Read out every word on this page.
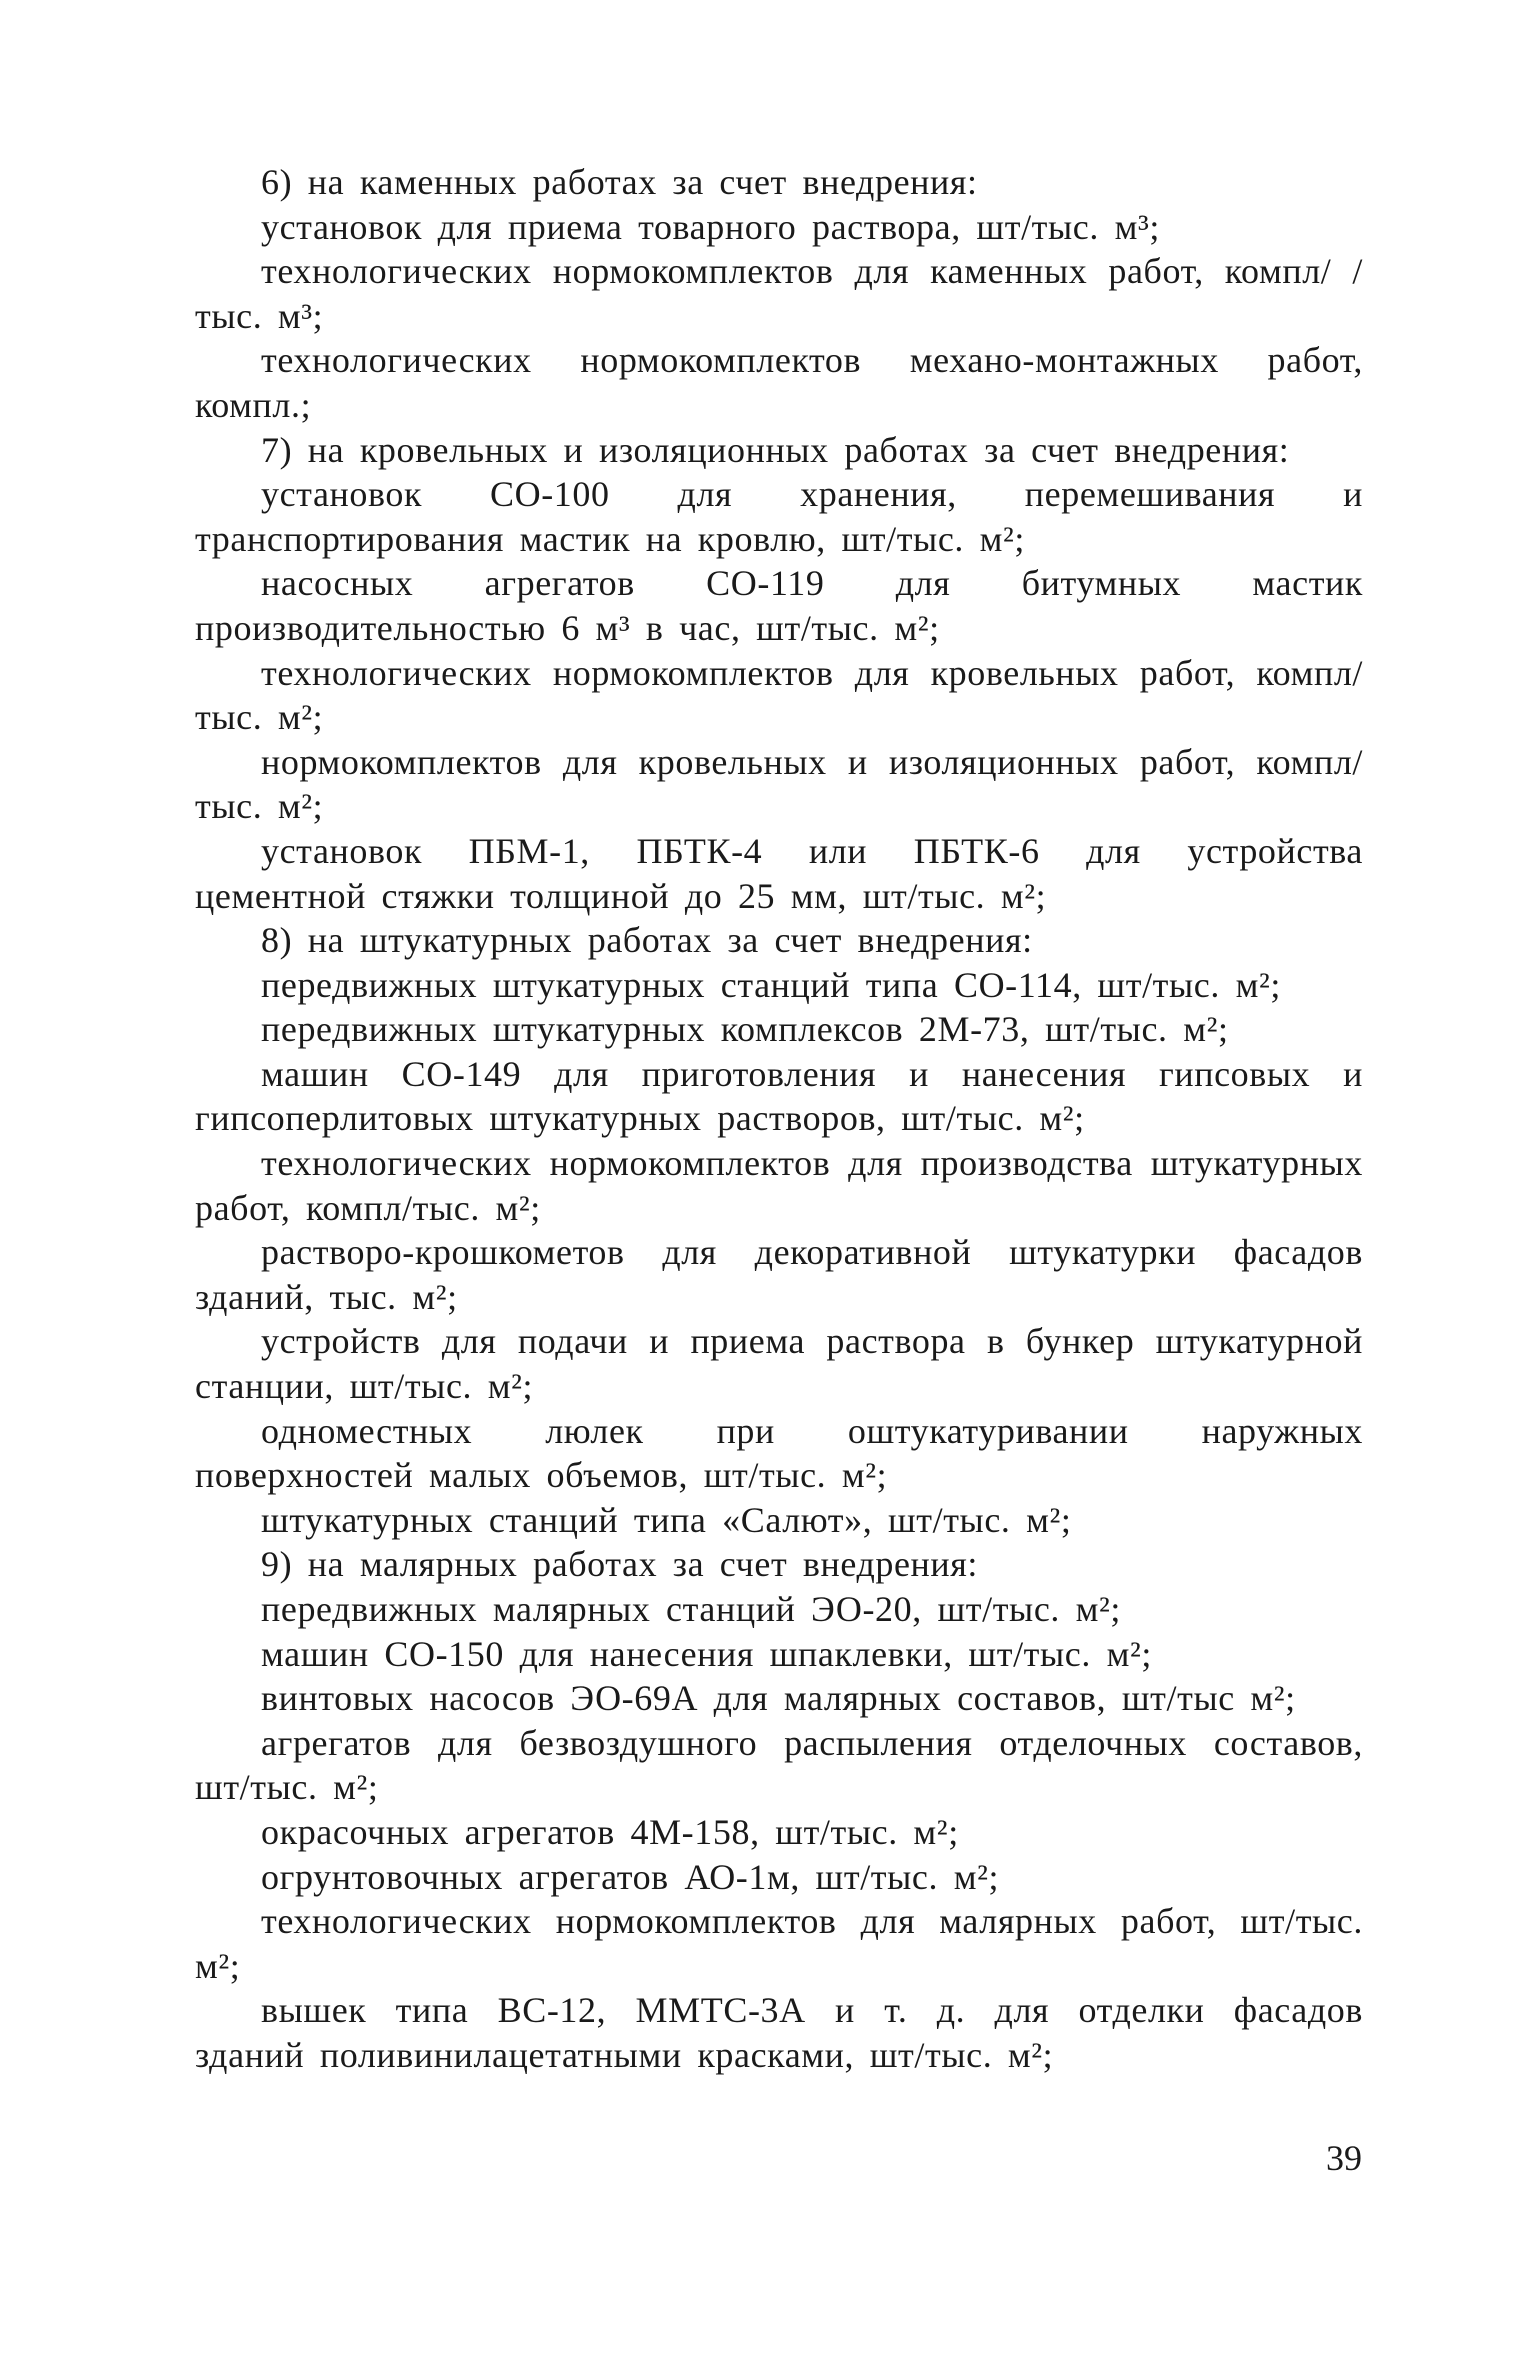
6) на каменных работах за счет внедрения:

установок для приема товарного раствора, шт/тыс. м³;

технологических нормокомплектов для каменных работ, компл/ /тыс. м³;

технологических нормокомплектов механо-монтажных работ, компл.;

7) на кровельных и изоляционных работах за счет внедрения:

установок СО-100 для хранения, перемешивания и транспортирования мастик на кровлю, шт/тыс. м²;

насосных агрегатов СО-119 для битумных мастик производительностью 6 м³ в час, шт/тыс. м²;

технологических нормокомплектов для кровельных работ, компл/тыс. м²;

нормокомплектов для кровельных и изоляционных работ, компл/тыс. м²;

установок ПБМ-1, ПБТК-4 или ПБТК-6 для устройства цементной стяжки толщиной до 25 мм, шт/тыс. м²;

8) на штукатурных работах за счет внедрения:

передвижных штукатурных станций типа СО-114, шт/тыс. м²;

передвижных штукатурных комплексов 2М-73, шт/тыс. м²;

машин СО-149 для приготовления и нанесения гипсовых и гипсоперлитовых штукатурных растворов, шт/тыс. м²;

технологических нормокомплектов для производства штукатурных работ, компл/тыс. м²;

растворо-крошкометов для декоративной штукатурки фасадов зданий, тыс. м²;

устройств для подачи и приема раствора в бункер штукатурной станции, шт/тыс. м²;

одноместных люлек при оштукатуривании наружных поверхностей малых объемов, шт/тыс. м²;

штукатурных станций типа «Салют», шт/тыс. м²;

9) на малярных работах за счет внедрения:

передвижных малярных станций ЭО-20, шт/тыс. м²;

машин СО-150 для нанесения шпаклевки, шт/тыс. м²;

винтовых насосов ЭО-69А для малярных составов, шт/тыс м²;

агрегатов для безвоздушного распыления отделочных составов, шт/тыс. м²;

окрасочных агрегатов 4М-158, шт/тыс. м²;

огрунтовочных агрегатов АО-1м, шт/тыс. м²;

технологических нормокомплектов для малярных работ, шт/тыс. м²;

вышек типа ВС-12, ММТС-3А и т. д. для отделки фасадов зданий поливинилацетатными красками, шт/тыс. м²;

39
